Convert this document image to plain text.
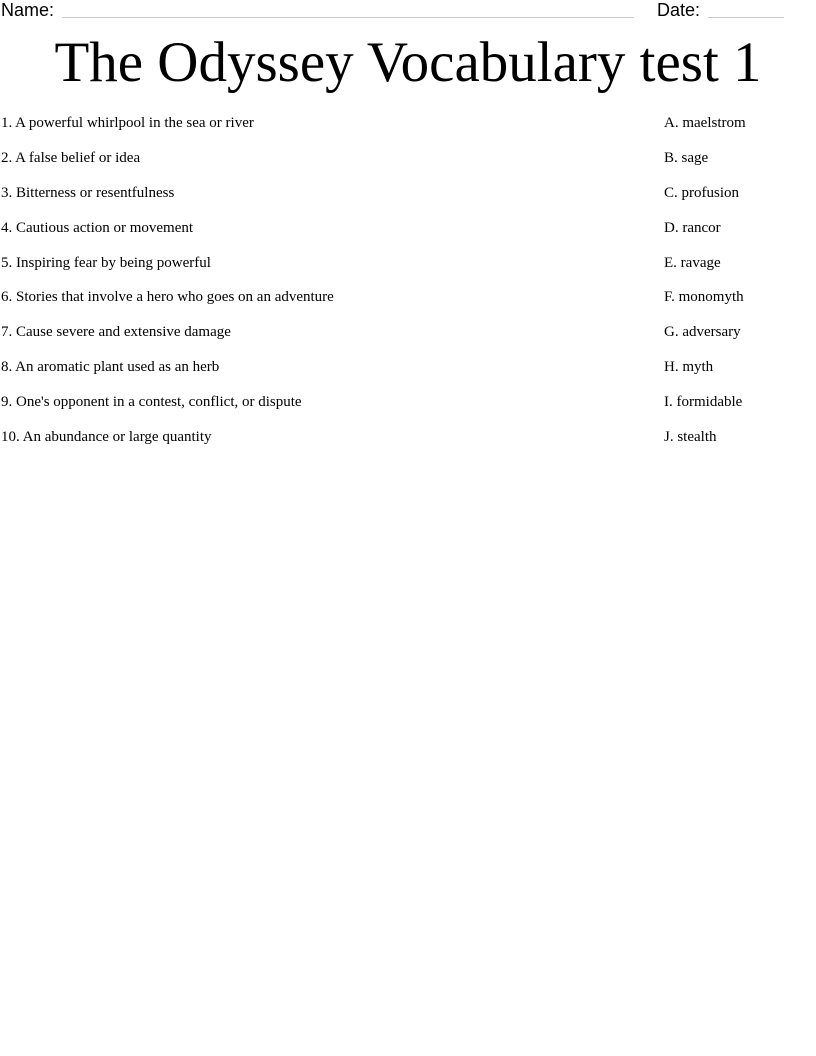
Name:	Date:
The Odyssey Vocabulary test 1
1. A powerful whirlpool in the sea or river	A. maelstrom
2. A false belief or idea	B. sage
3. Bitterness or resentfulness	C. profusion
4. Cautious action or movement	D. rancor
5. Inspiring fear by being powerful	E. ravage
6. Stories that involve a hero who goes on an adventure	F. monomyth
7. Cause severe and extensive damage	G. adversary
8. An aromatic plant used as an herb	H. myth
9. One's opponent in a contest, conflict, or dispute	I. formidable
10. An abundance or large quantity	J. stealth
